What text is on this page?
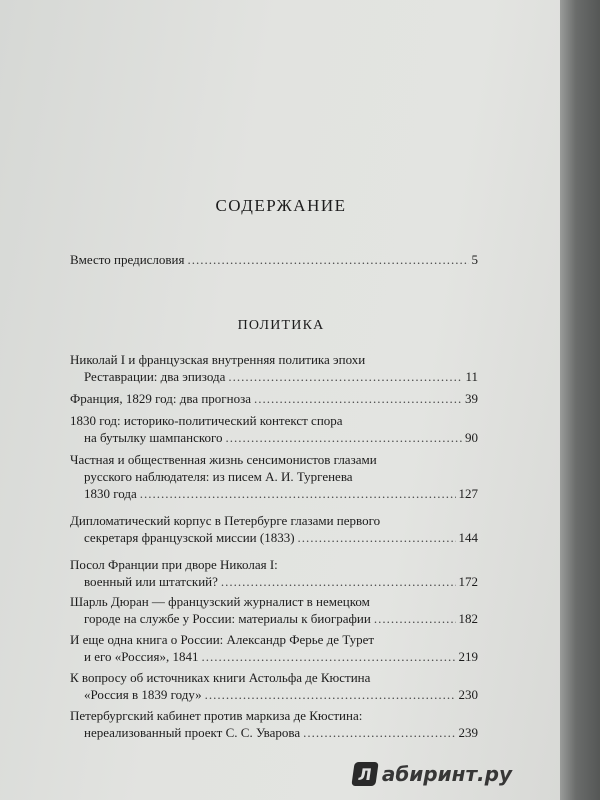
СОДЕРЖАНИЕ
Вместо предисловия .....	5
ПОЛИТИКА
Николай I и французская внутренняя политика эпохи
Реставрации: два эпизода .....	11
Франция, 1829 год: два прогноза .....	39
1830 год: историко-политический контекст спора
на бутылку шампанского .....	90
Частная и общественная жизнь сенсимонистов глазами
русского наблюдателя: из писем А. И. Тургенева
1830 года .....	127
Дипломатический корпус в Петербурге глазами первого
секретаря французской миссии (1833) .....	144
Посол Франции при дворе Николая I:
военный или штатский? .....	172
Шарль Дюран — французский журналист в немецком
городе на службе у России: материалы к биографии .....	182
И еще одна книга о России: Александр Ферье де Турет
и его «Россия», 1841 .....	219
К вопросу об источниках книги Астольфа де Кюстина
«Россия в 1839 году» .....	230
Петербургский кабинет против маркиза де Кюстина:
нереализованный проект С. С. Уварова .....	239
Л абиринт.ру
